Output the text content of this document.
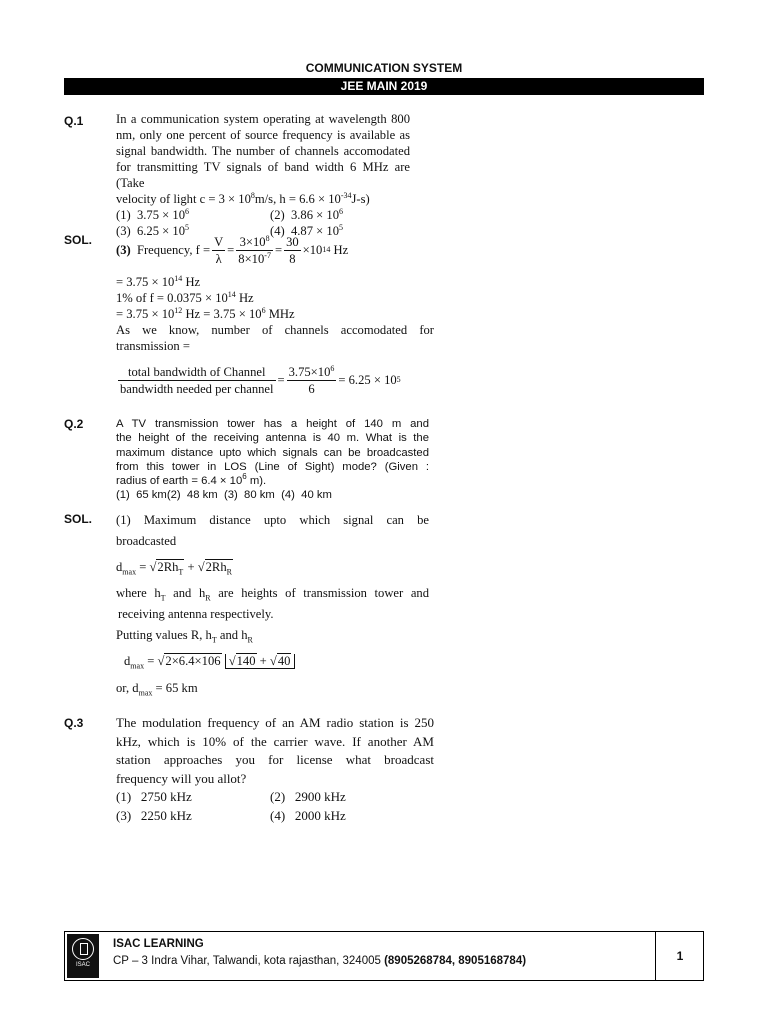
COMMUNICATION SYSTEM
JEE MAIN 2019
Q.1	In a communication system operating at wavelength 800

nm, only one percent of source frequency is available as

signal bandwidth. The number of channels accomodated

for transmitting TV signals of band width 6 MHz are (Take

velocity of light $c = 3 \times 10^8m/s$, $h = 6.6 \times 10^{-34}J-s$)

(1) $3.75 \times 10^6$	(2) $3.86 \times 10^6$
(3) $6.25 \times 10^5$	(4) $4.87 \times 10^5$
SOL.

(3)
Frequency, $f = \frac{V}{\lambda} = \frac{3\times 10^8}{8\times 10^{-7}} = \frac{30}{8} \times 10$ 14
Hz

= $3.75 \times 10^{14}$ Hz

1% of $f = 0.0375 \times 10^{14}$ Hz

= $3.75 \times 10^{12}$ $Hz = 3.75 \times 10^6$ MHz

As we know, number of channels accomodated for

transmission =

$\frac{\text{total bandwidth of Channel}}{\text{bandwidth needed per channel}} = \frac{3.75\times 10^6}{6} = 6.25 \times 10$ 5

Q.2	A TV transmission tower has a height of 140 m and

the height of the receiving antenna is 40 m. What is the

maximum distance upto which signals can be broadcasted

from this tower in LOS (Line of Sight) mode? (Given :

radius of earth = $6.4 \times 10^6$ m).

(1)  65 km(2)  48 km  (3)  80 km  (4)  40 km

SOL. (1) Maximum distance upto which signal can be

broadcasted

$d_{max} = √2Rh_T + √2Rh_R$

where $h_T$ and $h_R$ are heights of transmission tower and

receiving antenna respectively.

Putting values R, $h_T$ and $h_R$

$d_{max} = √2\times 6.4\times 106$ √140 + √40

or, $d_{max} = 65$ km

Q.3	The modulation frequency of an AM radio station is 250

kHz, which is 10% of the carrier wave. If another AM

station approaches you for license what broadcast

frequency will you allot?

(1) 2750 kHz	(2) 2900 kHz
(3) 2250 kHz	(4) 2000 kHz
ISAC
ISAC LEARNING
CP – 3 Indra Vihar, Talwandi, kota rajasthan, 324005 (8905268784, 8905168784)	1
